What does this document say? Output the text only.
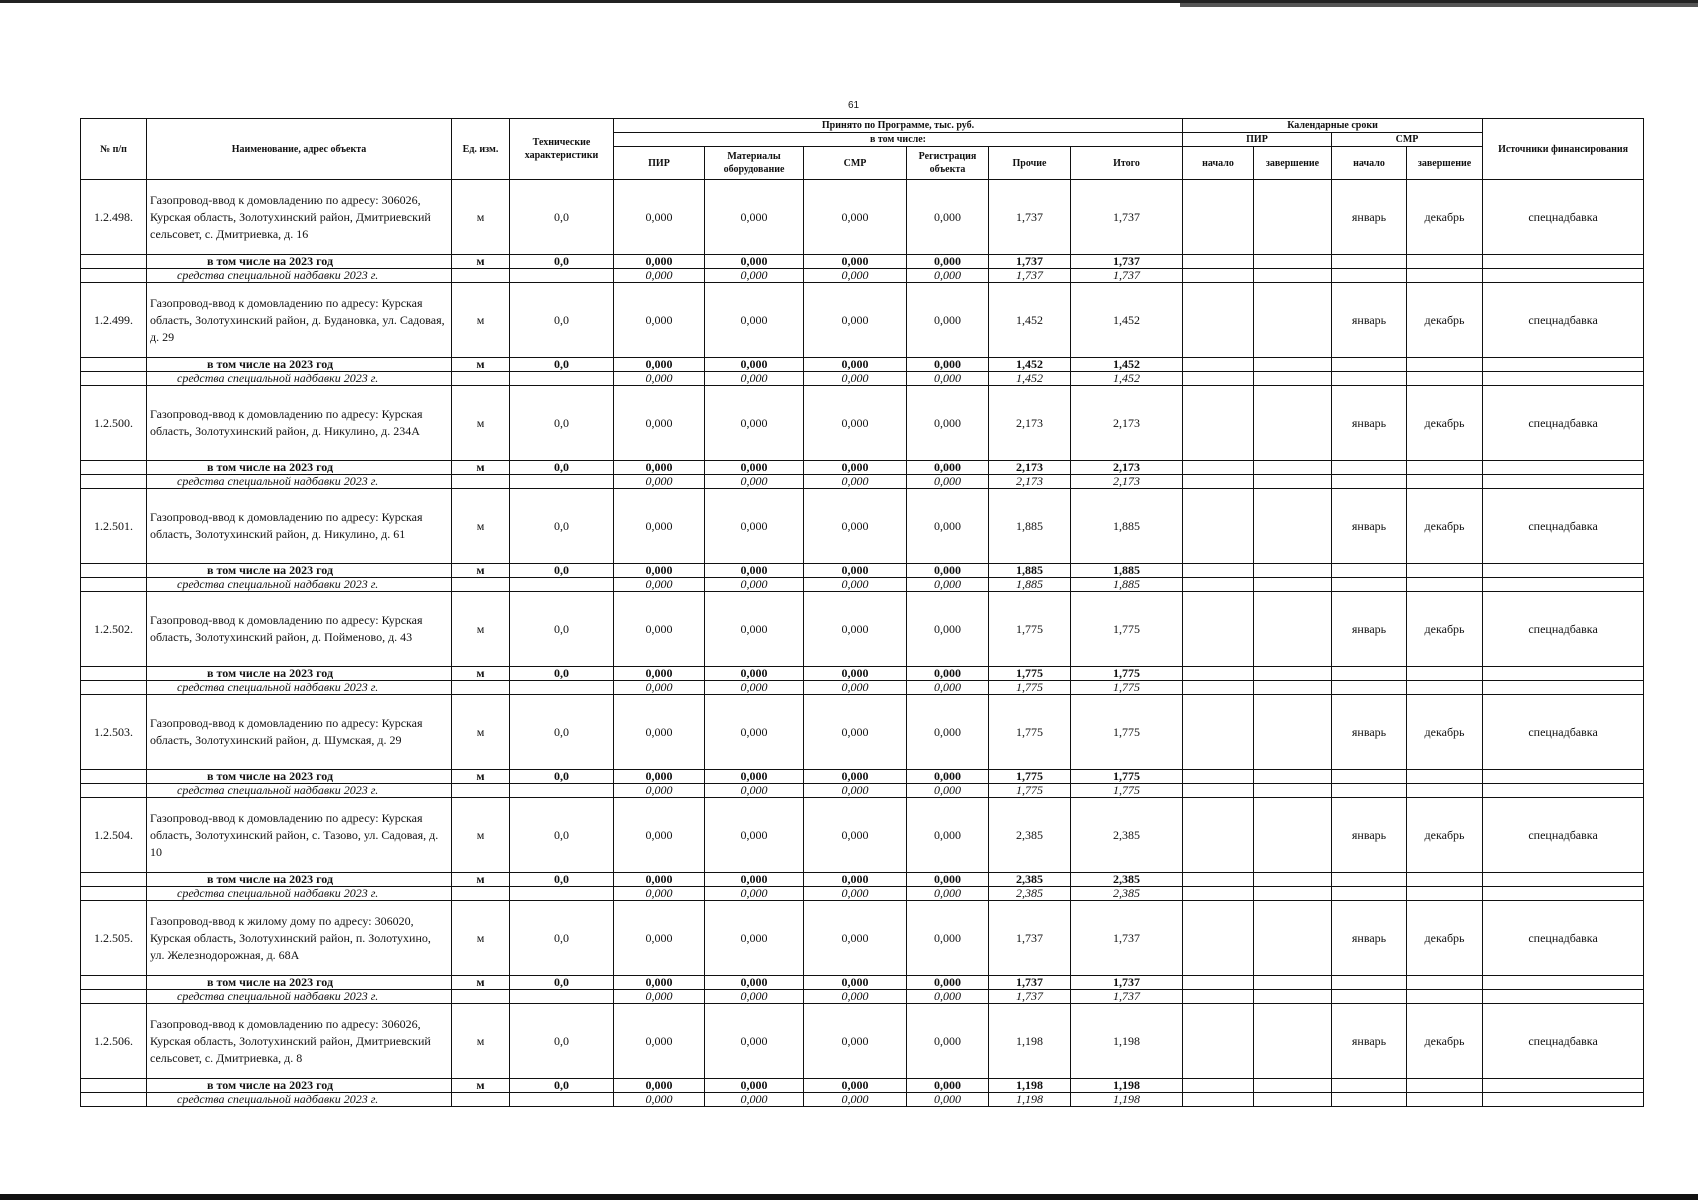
61
№ п/п	Наименование, адрес объекта	Ед. изм.	Технические характеристики	Принято по Программе, тыс. руб.						Календарные сроки				Источники финансирования
				в том числе:						ПИР		СМР		
				ПИР	Материалы оборудование	СМР	Регистрация объекта	Прочие	Итого	начало	завершение	начало	завершение	
1.2.498.	Газопровод-ввод к домовладению по адресу: 306026, Курская область, Золотухинский район, Дмитриевский сельсовет, с. Дмитриевка, д. 16	м	0,0	0,000	0,000	0,000	0,000	1,737	1,737			январь	декабрь	спецнадбавка
	в том числе на 2023 год	м	0,0	0,000	0,000	0,000	0,000	1,737	1,737					
	средства специальной надбавки 2023 г.			0,000	0,000	0,000	0,000	1,737	1,737					
1.2.499.	Газопровод-ввод к домовладению по адресу: Курская область, Золотухинский район, д. Будановка, ул. Садовая, д. 29	м	0,0	0,000	0,000	0,000	0,000	1,452	1,452			январь	декабрь	спецнадбавка
	в том числе на 2023 год	м	0,0	0,000	0,000	0,000	0,000	1,452	1,452					
	средства специальной надбавки 2023 г.			0,000	0,000	0,000	0,000	1,452	1,452					
1.2.500.	Газопровод-ввод к домовладению по адресу: Курская область, Золотухинский район, д. Никулино, д. 234А	м	0,0	0,000	0,000	0,000	0,000	2,173	2,173			январь	декабрь	спецнадбавка
	в том числе на 2023 год	м	0,0	0,000	0,000	0,000	0,000	2,173	2,173					
	средства специальной надбавки 2023 г.			0,000	0,000	0,000	0,000	2,173	2,173					
1.2.501.	Газопровод-ввод к домовладению по адресу: Курская область, Золотухинский район, д. Никулино, д. 61	м	0,0	0,000	0,000	0,000	0,000	1,885	1,885			январь	декабрь	спецнадбавка
	в том числе на 2023 год	м	0,0	0,000	0,000	0,000	0,000	1,885	1,885					
	средства специальной надбавки 2023 г.			0,000	0,000	0,000	0,000	1,885	1,885					
1.2.502.	Газопровод-ввод к домовладению по адресу: Курская область, Золотухинский район, д. Пойменово, д. 43	м	0,0	0,000	0,000	0,000	0,000	1,775	1,775			январь	декабрь	спецнадбавка
	в том числе на 2023 год	м	0,0	0,000	0,000	0,000	0,000	1,775	1,775					
	средства специальной надбавки 2023 г.			0,000	0,000	0,000	0,000	1,775	1,775					
1.2.503.	Газопровод-ввод к домовладению по адресу: Курская область, Золотухинский район, д. Шумская, д. 29	м	0,0	0,000	0,000	0,000	0,000	1,775	1,775			январь	декабрь	спецнадбавка
	в том числе на 2023 год	м	0,0	0,000	0,000	0,000	0,000	1,775	1,775					
	средства специальной надбавки 2023 г.			0,000	0,000	0,000	0,000	1,775	1,775					
1.2.504.	Газопровод-ввод к домовладению по адресу: Курская область, Золотухинский район, с. Тазово, ул. Садовая, д. 10	м	0,0	0,000	0,000	0,000	0,000	2,385	2,385			январь	декабрь	спецнадбавка
	в том числе на 2023 год	м	0,0	0,000	0,000	0,000	0,000	2,385	2,385					
	средства специальной надбавки 2023 г.			0,000	0,000	0,000	0,000	2,385	2,385					
1.2.505.	Газопровод-ввод к жилому дому по адресу: 306020, Курская область, Золотухинский район, п. Золотухино, ул. Железнодорожная, д. 68А	м	0,0	0,000	0,000	0,000	0,000	1,737	1,737			январь	декабрь	спецнадбавка
	в том числе на 2023 год	м	0,0	0,000	0,000	0,000	0,000	1,737	1,737					
	средства специальной надбавки 2023 г.			0,000	0,000	0,000	0,000	1,737	1,737					
1.2.506.	Газопровод-ввод к домовладению по адресу: 306026, Курская область, Золотухинский район, Дмитриевский сельсовет, с. Дмитриевка, д. 8	м	0,0	0,000	0,000	0,000	0,000	1,198	1,198			январь	декабрь	спецнадбавка
	в том числе на 2023 год	м	0,0	0,000	0,000	0,000	0,000	1,198	1,198					
	средства специальной надбавки 2023 г.			0,000	0,000	0,000	0,000	1,198	1,198					
